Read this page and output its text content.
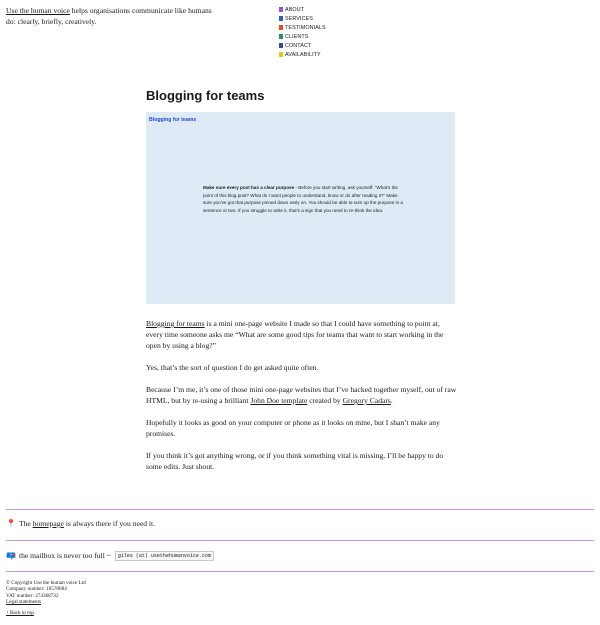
Use the human voice helps organisations communicate like humans do: clearly, briefly, creatively.
ABOUT
SERVICES
TESTIMONIALS
CLIENTS
CONTACT
AVAILABILITY
Blogging for teams
Blogging for teams
Make sure every post has a clear purpose - Before you start writing, ask yourself: “What’s the point of this blog post? What do I want people to understand, know or do after reading it?” Make sure you’ve got that purpose pinned down early on. You should be able to sum up the purpose in a sentence or two. If you struggle to write it, that’s a sign that you need to re-think the idea.

Blogging for teams is a mini one-page website I made so that I could have something to point at, every time someone asks me “What are some good tips for teams that want to start working in the open by using a blog?”

Yes, that’s the sort of question I do get asked quite often.

Because I’m me, it’s one of those mini one-page websites that I’ve hacked together myself, out of raw HTML, but by re-using a brilliant John Doe template created by Gregory Cadars.

Hopefully it looks as good on your computer or phone as it looks on mine, but I shan’t make any promises.

If you think it’s got anything wrong, or if you think something vital is missing, I’ll be happy to do some edits. Just shout.

📍 The
homepage
is always there if you need it.
📪 the mailbox is never too full ~	giles (at) usethehumanvoice.com
© Copyright Use the human voice Ltd
Company number: 10578084
VAT number: 274368732
Legal statements
↑ Back to top
